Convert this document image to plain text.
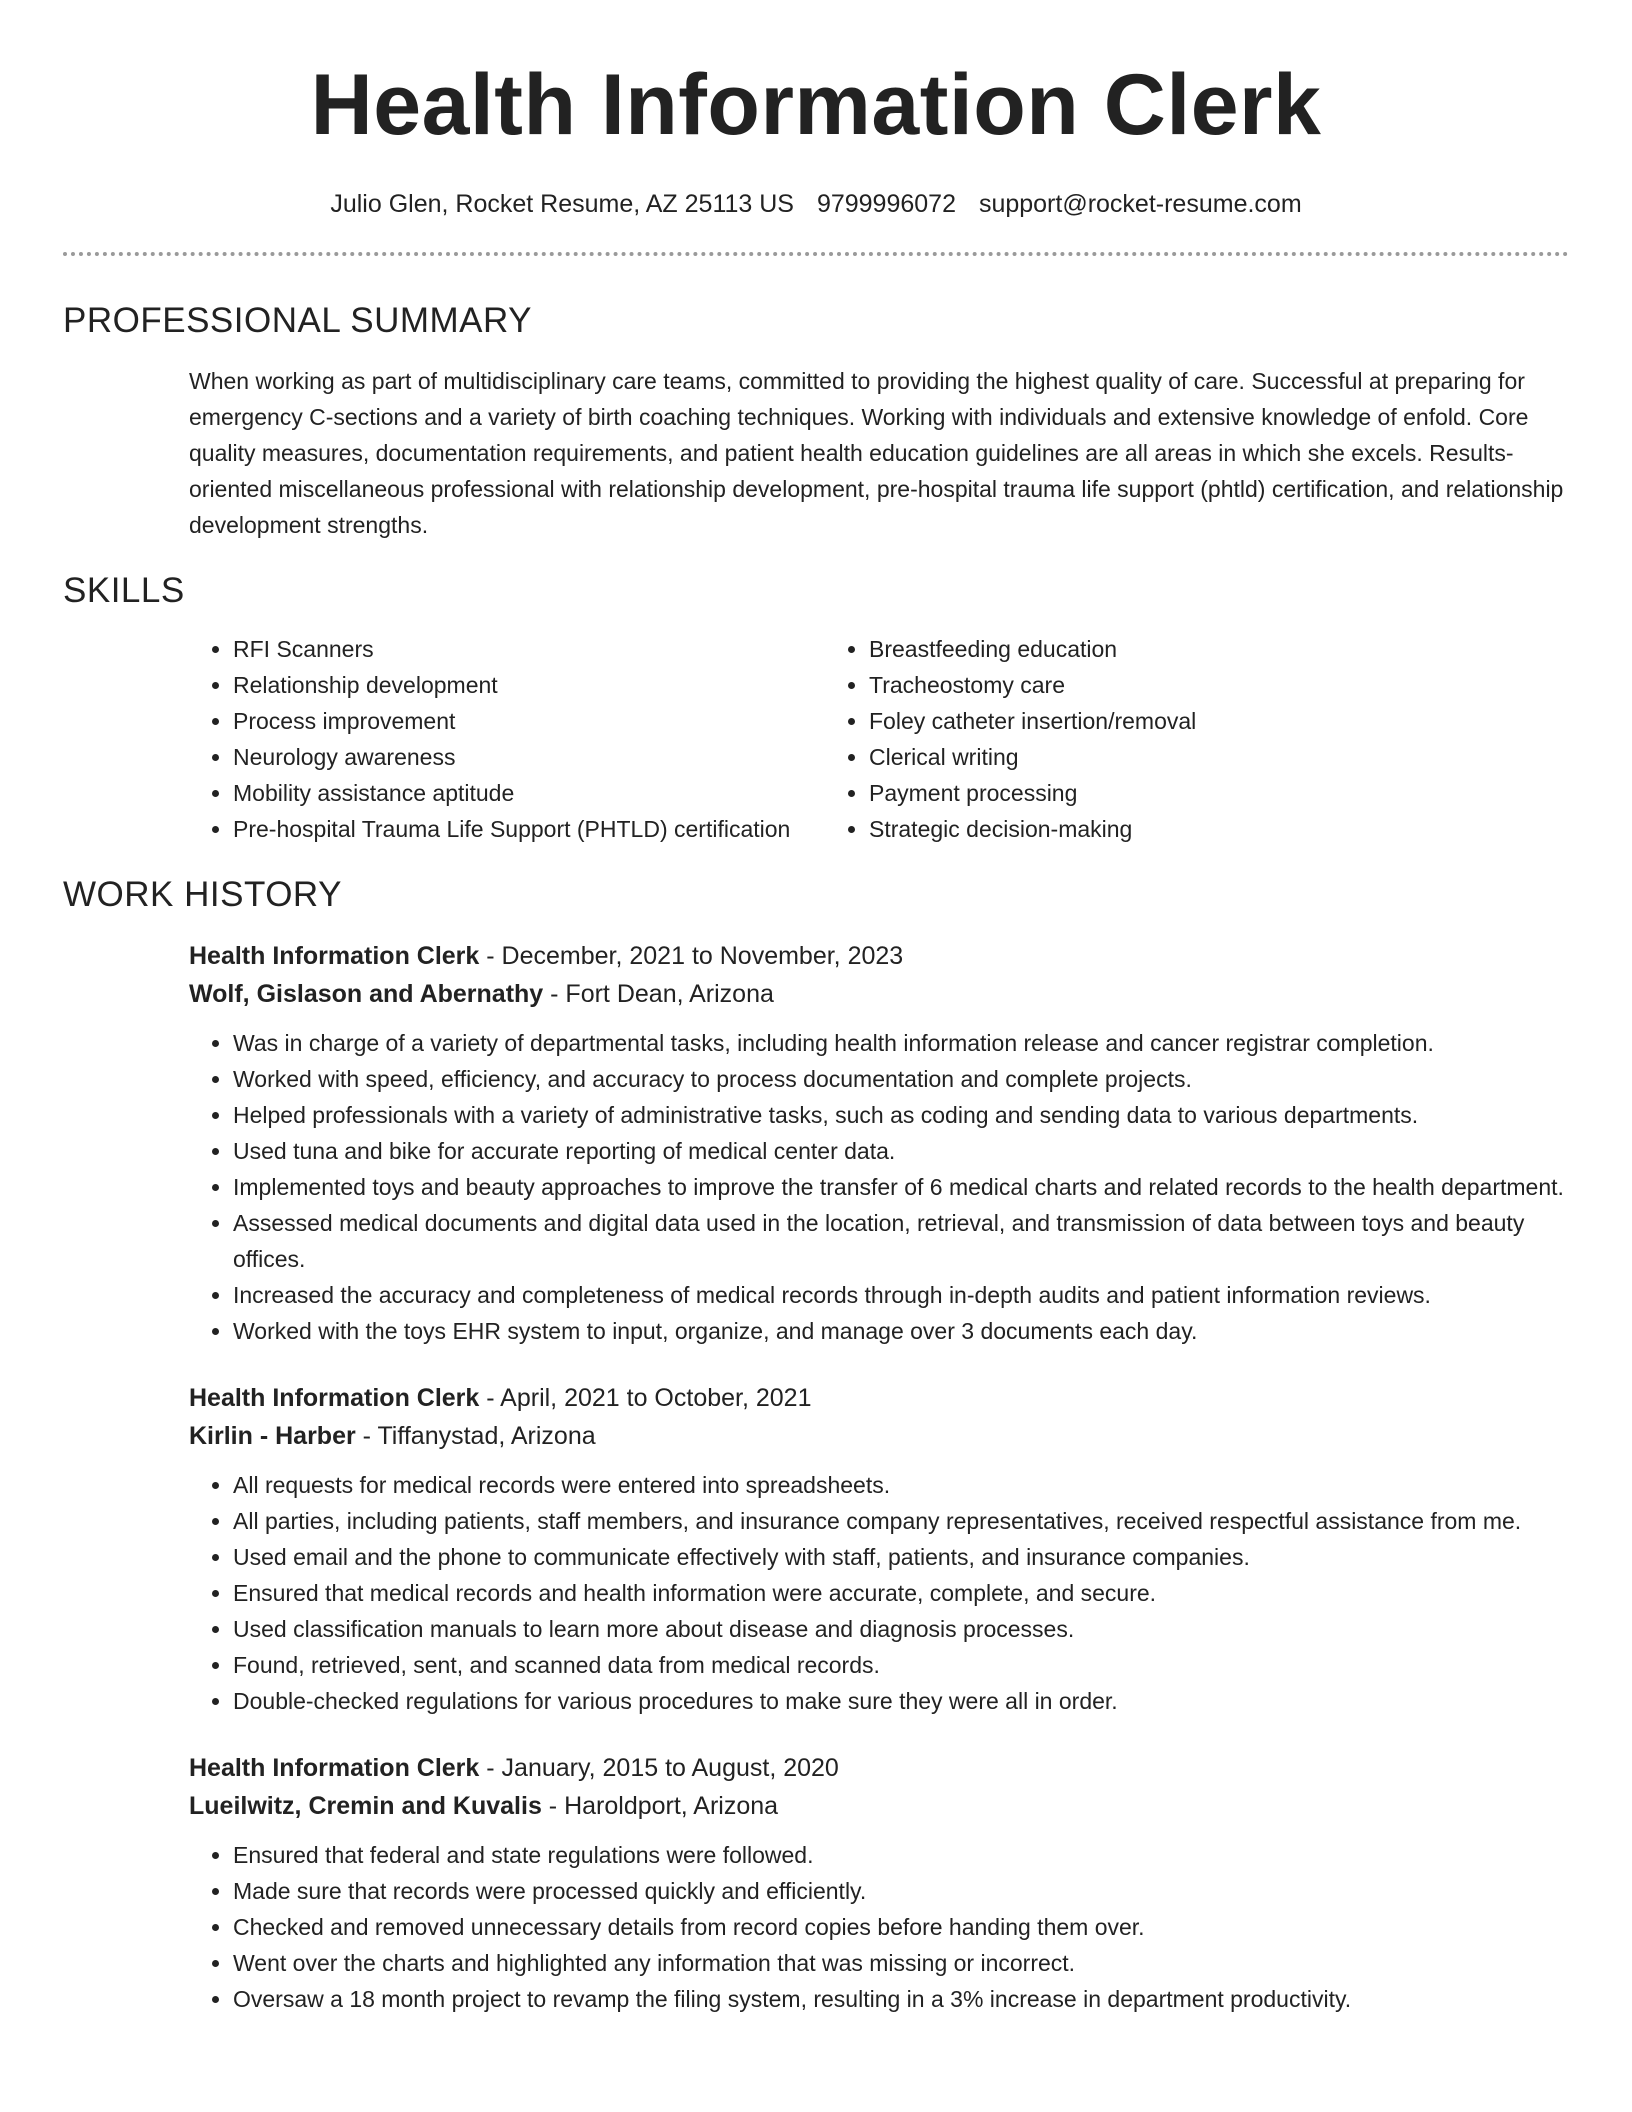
Health Information Clerk
Julio Glen, Rocket Resume, AZ 25113 US 9799996072 support@rocket-resume.com
PROFESSIONAL SUMMARY

When working as part of multidisciplinary care teams, committed to providing the highest quality of care. Successful at preparing for emergency C-sections and a variety of birth coaching techniques. Working with individuals and extensive knowledge of enfold. Core quality measures, documentation requirements, and patient health education guidelines are all areas in which she excels. Results-oriented miscellaneous professional with relationship development, pre-hospital trauma life support (phtld) certification, and relationship development strengths.

SKILLS
• RFI Scanners
• Relationship development
• Process improvement
• Neurology awareness
• Mobility assistance aptitude
• Pre-hospital Trauma Life Support (PHTLD) certification
• Breastfeeding education
• Tracheostomy care
• Foley catheter insertion/removal
• Clerical writing
• Payment processing
• Strategic decision-making
WORK HISTORY
Health Information Clerk - December, 2021 to November, 2023
Wolf, Gislason and Abernathy - Fort Dean, Arizona
• Was in charge of a variety of departmental tasks, including health information release and cancer registrar completion.
• Worked with speed, efficiency, and accuracy to process documentation and complete projects.
• Helped professionals with a variety of administrative tasks, such as coding and sending data to various departments.
• Used tuna and bike for accurate reporting of medical center data.
• Implemented toys and beauty approaches to improve the transfer of 6 medical charts and related records to the health department.
• Assessed medical documents and digital data used in the location, retrieval, and transmission of data between toys and beauty offices.
• Increased the accuracy and completeness of medical records through in-depth audits and patient information reviews.
• Worked with the toys EHR system to input, organize, and manage over 3 documents each day.
Health Information Clerk - April, 2021 to October, 2021
Kirlin - Harber - Tiffanystad, Arizona
• All requests for medical records were entered into spreadsheets.
• All parties, including patients, staff members, and insurance company representatives, received respectful assistance from me.
• Used email and the phone to communicate effectively with staff, patients, and insurance companies.
• Ensured that medical records and health information were accurate, complete, and secure.
• Used classification manuals to learn more about disease and diagnosis processes.
• Found, retrieved, sent, and scanned data from medical records.
• Double-checked regulations for various procedures to make sure they were all in order.
Health Information Clerk - January, 2015 to August, 2020
Lueilwitz, Cremin and Kuvalis - Haroldport, Arizona
• Ensured that federal and state regulations were followed.
• Made sure that records were processed quickly and efficiently.
• Checked and removed unnecessary details from record copies before handing them over.
• Went over the charts and highlighted any information that was missing or incorrect.
• Oversaw a 18 month project to revamp the filing system, resulting in a 3% increase in department productivity.
